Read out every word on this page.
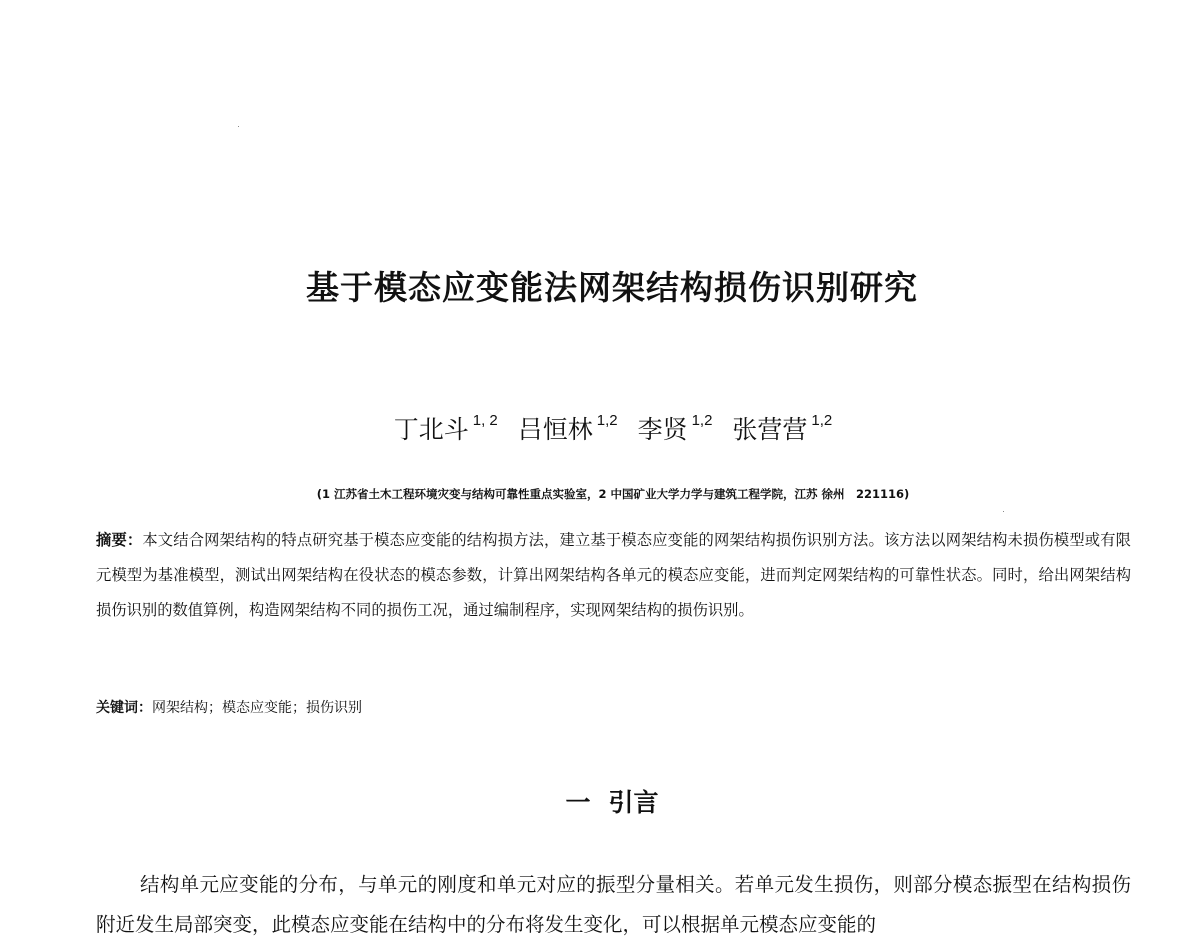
基于模态应变能法网架结构损伤识别研究
丁北斗 $^{1, 2}$ 吕恒林 $^{1,2}$ 李贤 $^{1,2}$ 张营营 $^{1,2}$
(1 江苏省土木工程环境灾变与结构可靠性重点实验室，2 中国矿业大学力学与建筑工程学院，江苏 徐州　221116)

摘要：本文结合网架结构的特点研究基于模态应变能的结构损方法，建立基于模态应变能的网架结构损伤识别方法。该方法以网架结构未损伤模型或有限元模型为基准模型，测试出网架结构在役状态的模态参数，计算出网架结构各单元的模态应变能，进而判定网架结构的可靠性状态。同时，给出网架结构损伤识别的数值算例，构造网架结构不同的损伤工况，通过编制程序，实现网架结构的损伤识别。

关键词：网架结构；模态应变能；损伤识别

一 引言

结构单元应变能的分布，与单元的刚度和单元对应的振型分量相关。若单元发生损伤，则部分模态振型在结构损伤附近发生局部突变，此模态应变能在结构中的分布将发生变化，可以根据单元模态应变能的
